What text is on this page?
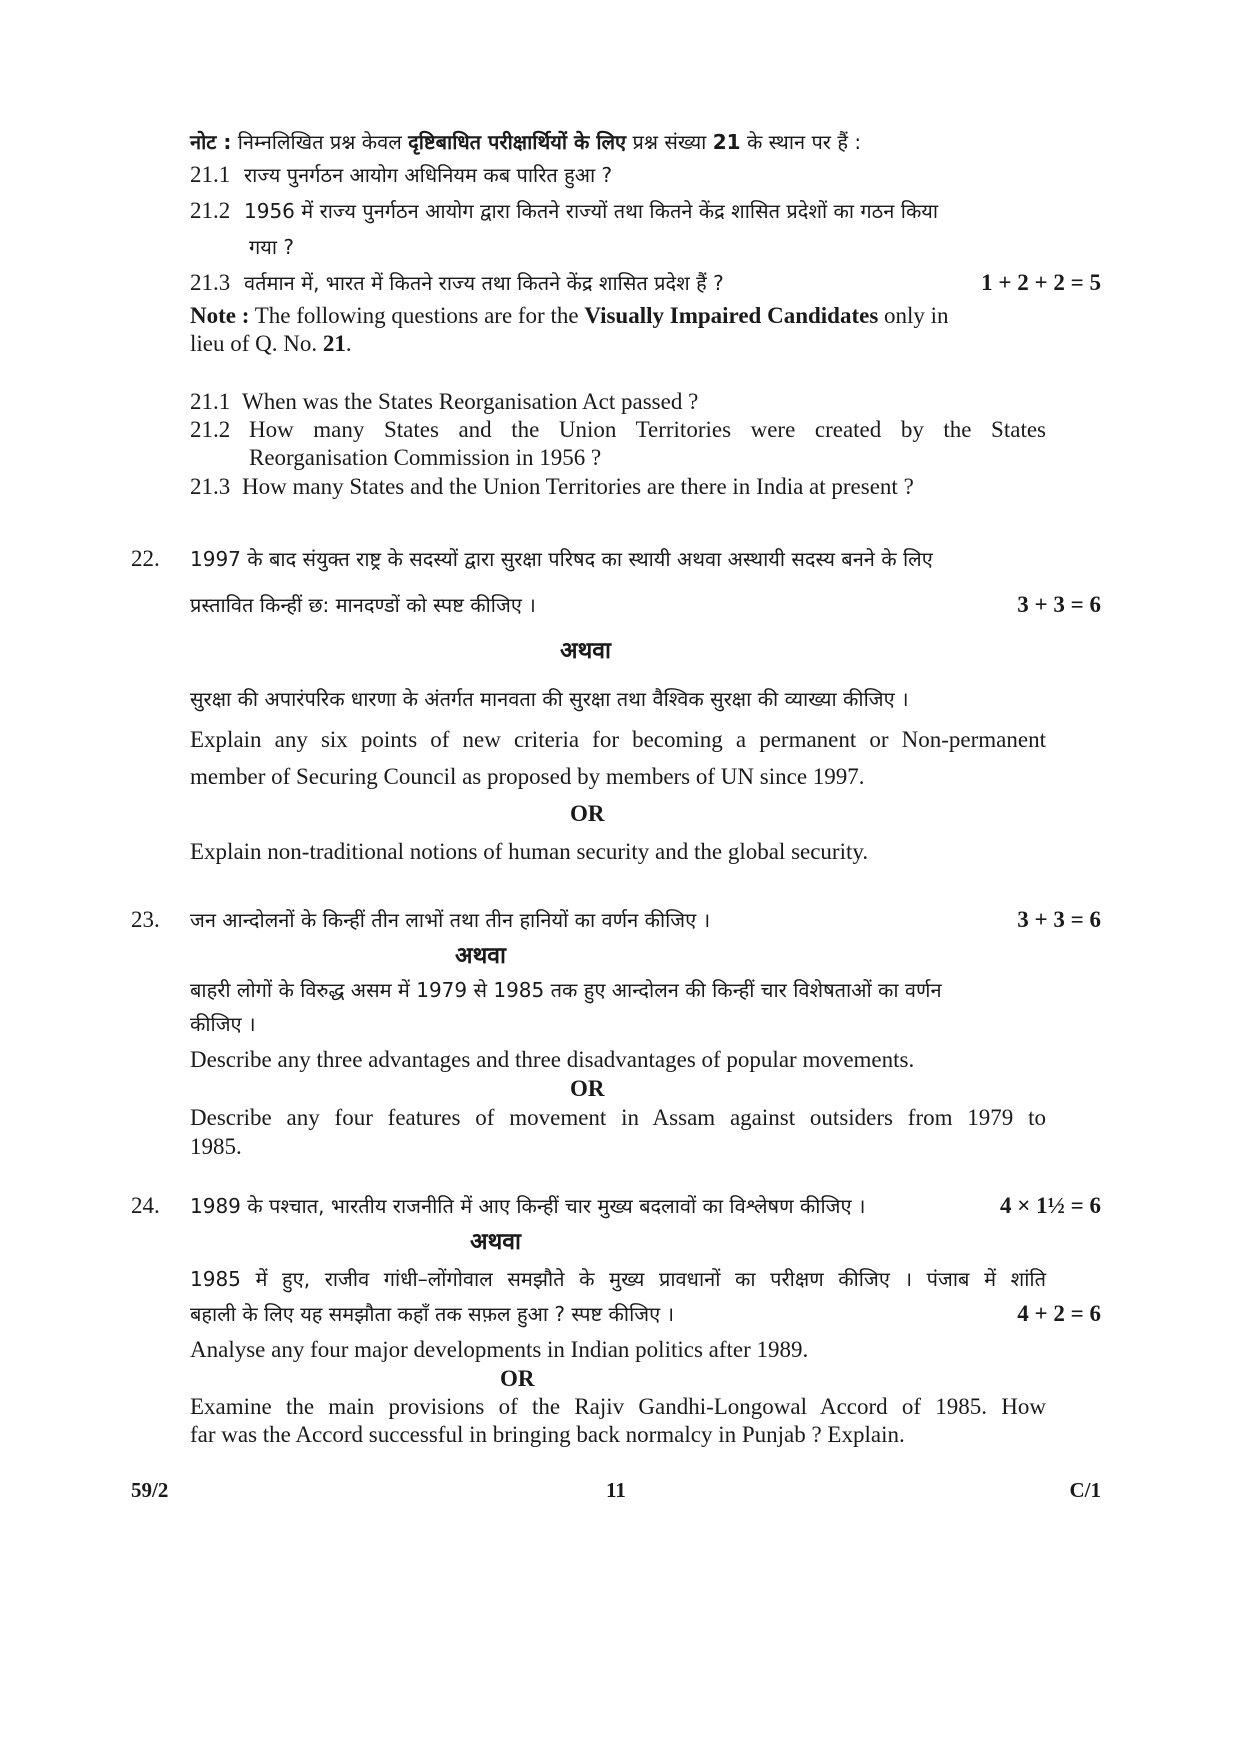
नोट : निम्नलिखित प्रश्न केवल दृष्टिबाधित परीक्षार्थियों के लिए प्रश्न संख्या 21 के स्थान पर हैं :

21.1 राज्य पुनर्गठन आयोग अधिनियम कब पारित हुआ ?

21.2 1956 में राज्य पुनर्गठन आयोग द्वारा कितने राज्यों तथा कितने केंद्र शासित प्रदेशों का गठन किया

गया ?

21.3 वर्तमान में, भारत में कितने राज्य तथा कितने केंद्र शासित प्रदेश हैं ?	1 + 2 + 2 = 5

Note : The following questions are for the Visually Impaired Candidates only in

lieu of Q. No. 21.

21.1 When was the States Reorganisation Act passed ?

21.2 How many States and the Union Territories were created by the States

Reorganisation Commission in 1956 ?

21.3 How many States and the Union Territories are there in India at present ?

22. 1997 के बाद संयुक्त राष्ट्र के सदस्यों द्वारा सुरक्षा परिषद का स्थायी अथवा अस्थायी सदस्य बनने के लिए

प्रस्तावित किन्हीं छ: मानदण्डों को स्पष्ट कीजिए ।	3 + 3 = 6
अथवा

सुरक्षा की अपारंपरिक धारणा के अंतर्गत मानवता की सुरक्षा तथा वैश्विक सुरक्षा की व्याख्या कीजिए ।

Explain any six points of new criteria for becoming a permanent or Non-permanent

member of Securing Council as proposed by members of UN since 1997.

OR

Explain non-traditional notions of human security and the global security.

23. जन आन्दोलनों के किन्हीं तीन लाभों तथा तीन हानियों का वर्णन कीजिए ।	3 + 3 = 6
अथवा

बाहरी लोगों के विरुद्ध असम में 1979 से 1985 तक हुए आन्दोलन की किन्हीं चार विशेषताओं का वर्णन

कीजिए ।

Describe any three advantages and three disadvantages of popular movements.

OR

Describe any four features of movement in Assam against outsiders from 1979 to

1985.

24. 1989 के पश्चात, भारतीय राजनीति में आए किन्हीं चार मुख्य बदलावों का विश्लेषण कीजिए ।	4 × 1½ = 6
अथवा

1985 में हुए, राजीव गांधी–लोंगोवाल समझौते के मुख्य प्रावधानों का परीक्षण कीजिए । पंजाब में शांति

बहाली के लिए यह समझौता कहाँ तक सफ़ल हुआ ? स्पष्ट कीजिए ।	4 + 2 = 6

Analyse any four major developments in Indian politics after 1989.

OR

Examine the main provisions of the Rajiv Gandhi-Longowal Accord of 1985. How

far was the Accord successful in bringing back normalcy in Punjab ? Explain.

59/2	11	C/1
